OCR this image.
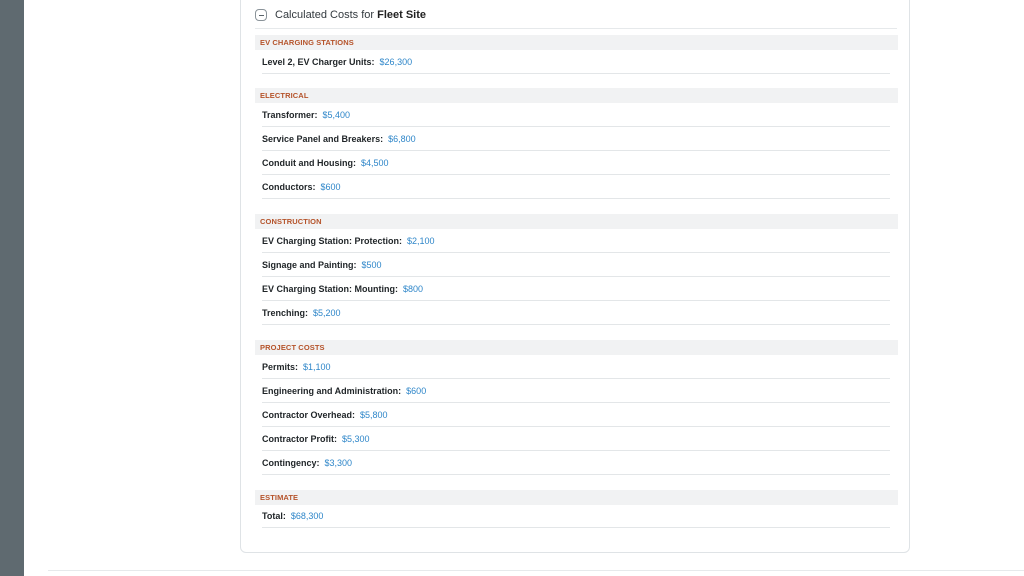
Calculated Costs for Fleet Site
EV CHARGING STATIONS
Level 2, EV Charger Units: $26,300
ELECTRICAL
Transformer: $5,400
Service Panel and Breakers: $6,800
Conduit and Housing: $4,500
Conductors: $600
CONSTRUCTION
EV Charging Station: Protection: $2,100
Signage and Painting: $500
EV Charging Station: Mounting: $800
Trenching: $5,200
PROJECT COSTS
Permits: $1,100
Engineering and Administration: $600
Contractor Overhead: $5,800
Contractor Profit: $5,300
Contingency: $3,300
ESTIMATE
Total: $68,300
